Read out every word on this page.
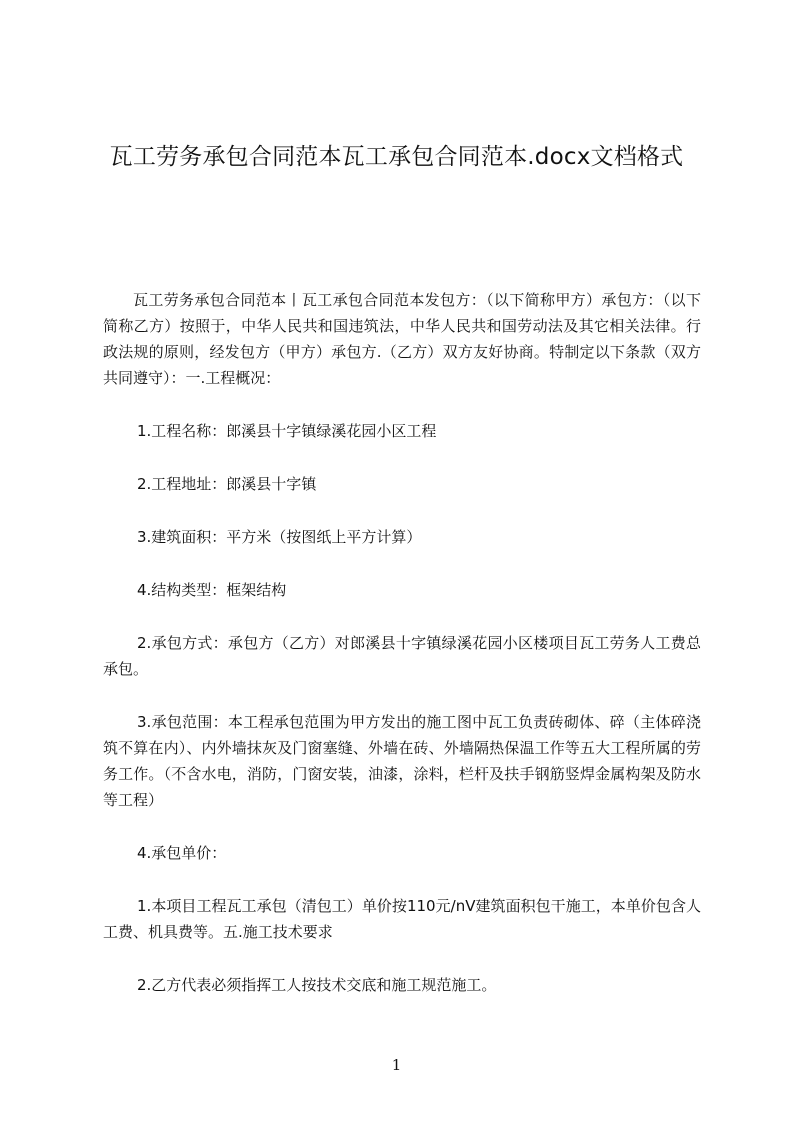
瓦工劳务承包合同范本瓦工承包合同范本.docx文档格式

瓦工劳务承包合同范本丨瓦工承包合同范本发包方：（以下简称甲方）承包方：（以下简称乙方）按照于，中华人民共和国违筑法，中华人民共和国劳动法及其它相关法律。行政法规的原则，经发包方（甲方）承包方.（乙方）双方友好协商。特制定以下条款（双方共同遵守）：一.工程概况：

1.工程名称：郎溪县十字镇绿溪花园小区工程

2.工程地址：郎溪县十字镇

3.建筑面积：平方米（按图纸上平方计算）

4.结构类型：框架结构

2.承包方式：承包方（乙方）对郎溪县十字镇绿溪花园小区楼项目瓦工劳务人工费总承包。

3.承包范围：本工程承包范围为甲方发出的施工图中瓦工负责砖砌体、碎（主体碎浇筑不算在内）、内外墙抹灰及门窗塞缝、外墙在砖、外墙隔热保温工作等五大工程所属的劳务工作。（不含水电，消防，门窗安装，油漆，涂料，栏杆及扶手钢筋竖焊金属构架及防水等工程）

4.承包单价：

1.本项目工程瓦工承包（清包工）单价按110元/nV建筑面积包干施工，本单价包含人工费、机具费等。五.施工技术要求

2.乙方代表必须指挥工人按技术交底和施工规范施工。

1
